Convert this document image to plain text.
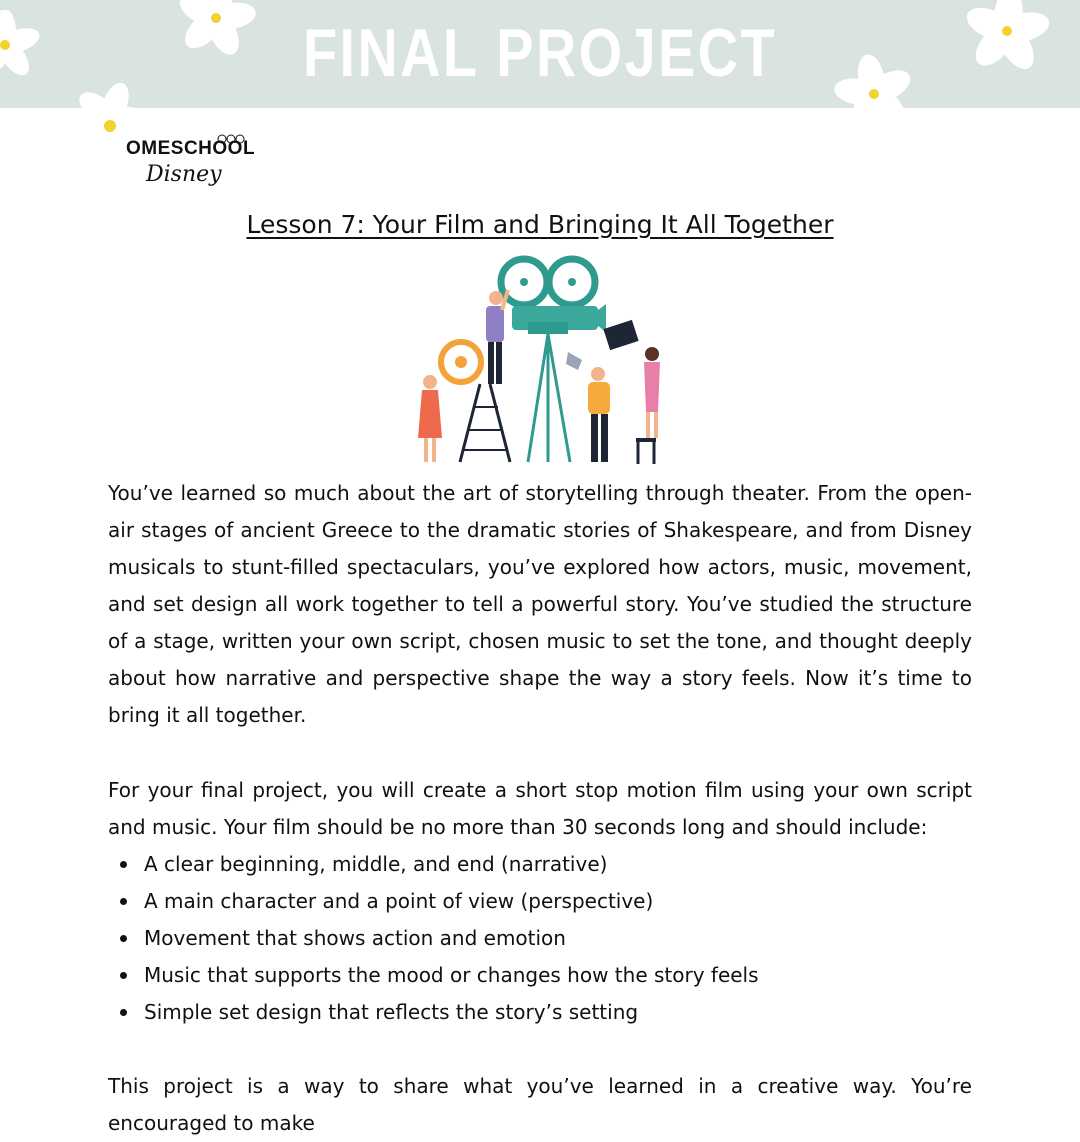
FINAL PROJECT
OMESCHOOL
Disney
Lesson 7: Your Film and Bringing It All Together

You’ve learned so much about the art of storytelling through theater. From the open-air stages of ancient Greece to the dramatic stories of Shakespeare, and from Disney musicals to stunt-filled spectaculars, you’ve explored how actors, music, movement, and set design all work together to tell a powerful story. You’ve studied the structure of a stage, written your own script, chosen music to set the tone, and thought deeply about how narrative and perspective shape the way a story feels. Now it’s time to bring it all together.

For your final project, you will create a short stop motion film using your own script and music. Your film should be no more than 30 seconds long and should include:

A clear beginning, middle, and end (narrative)
A main character and a point of view (perspective)
Movement that shows action and emotion
Music that supports the mood or changes how the story feels
Simple set design that reflects the story’s setting
This project is a way to share what you’ve learned in a creative way. You’re encouraged to make
